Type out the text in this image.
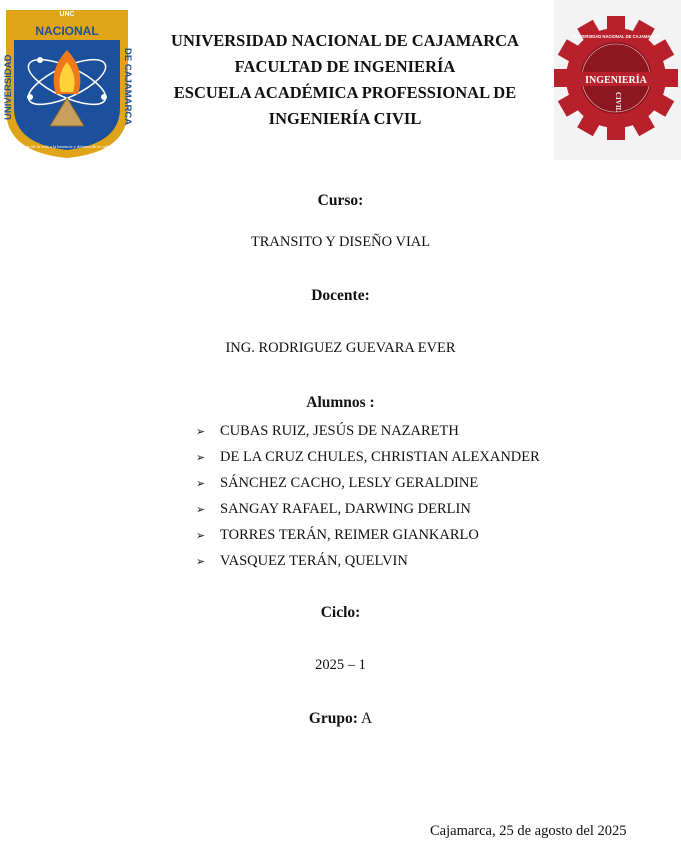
UNC
NACIONAL
UNIVERSIDAD	DE CAJAMARCA
Norte de la vida a la herencia y defensa de la cultura
UNIVERSIDAD NACIONAL DE CAJAMARCA
FACULTAD DE INGENIERÍA
ESCUELA ACADÉMICA PROFESSIONAL DE
INGENIERÍA CIVIL
INGENIERÍA
UNIVERSIDAD NACIONAL DE CAJAMARCA
CIVIL
Curso:
TRANSITO Y DISEÑO VIAL
Docente:
ING. RODRIGUEZ GUEVARA EVER
Alumnos :
➢	CUBAS RUIZ, JESÚS DE NAZARETH
➢	DE LA CRUZ CHULES, CHRISTIAN ALEXANDER
➢	SÁNCHEZ CACHO, LESLY GERALDINE
➢	SANGAY RAFAEL, DARWING DERLIN
➢	TORRES TERÁN, REIMER GIANKARLO
➢	VASQUEZ TERÁN, QUELVIN
Ciclo:
2025 – 1
Grupo: A
Cajamarca, 25 de agosto del 2025
